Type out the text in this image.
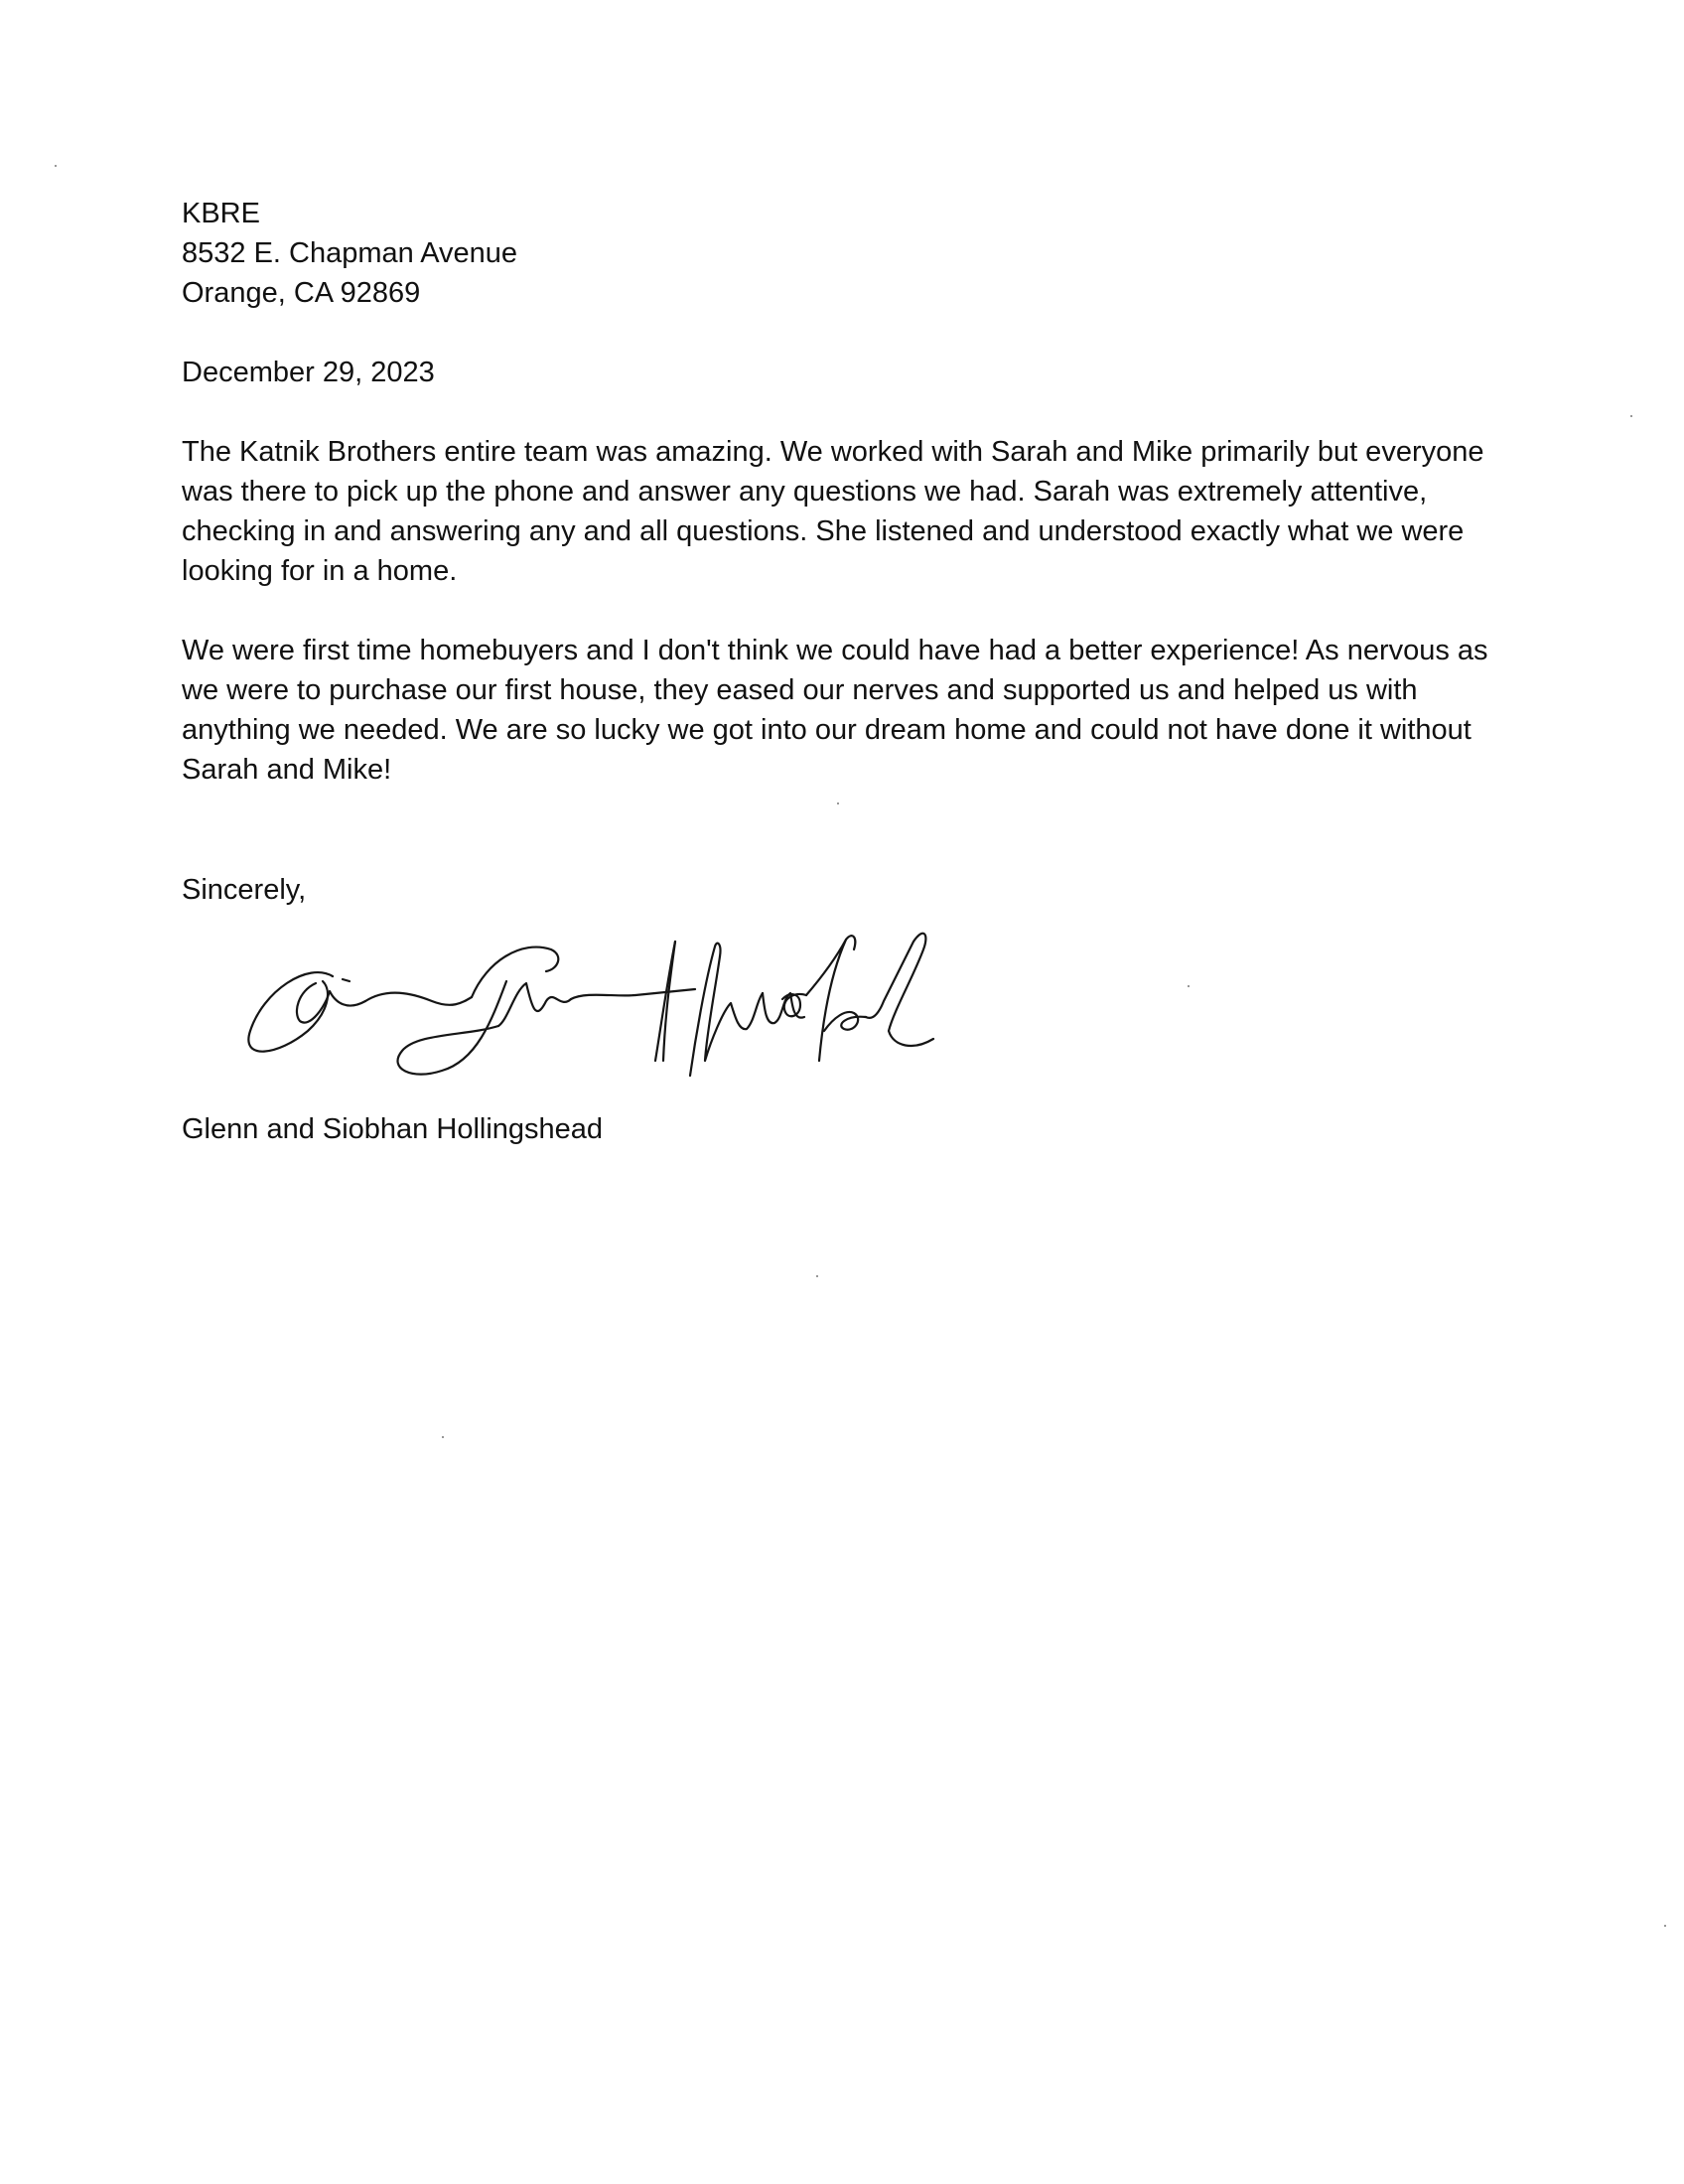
KBRE
8532 E. Chapman Avenue
Orange, CA 92869

December 29, 2023

The Katnik Brothers entire team was amazing. We worked with Sarah and Mike primarily but everyone was there to pick up the phone and answer any questions we had. Sarah was extremely attentive, checking in and answering any and all questions. She listened and understood exactly what we were looking for in a home.

We were first time homebuyers and I don't think we could have had a better experience! As nervous as we were to purchase our first house, they eased our nerves and supported us and helped us with anything we needed. We are so lucky we got into our dream home and could not have done it without Sarah and Mike!

Sincerely,

Glenn and Siobhan Hollingshead
